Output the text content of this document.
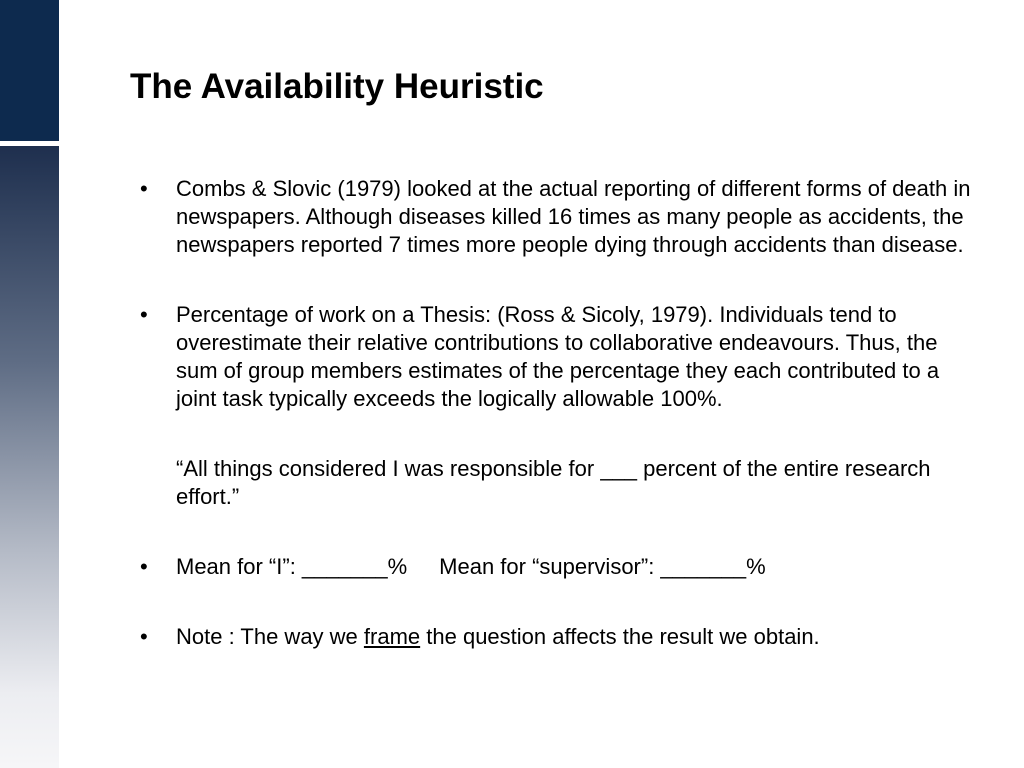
The Availability Heuristic

•	Combs & Slovic (1979) looked at the actual reporting of different forms of death in newspapers. Although diseases killed 16 times as many people as accidents, the newspapers reported 7 times more people dying through accidents than disease.

•	Percentage of work on a Thesis: (Ross & Sicoly, 1979). Individuals tend to overestimate their relative contributions to collaborative endeavours. Thus, the sum of group members estimates of the percentage they each contributed to a joint task typically exceeds the logically allowable 100%.

“All things considered I was responsible for ___ percent of the entire research effort.”

•	Mean for “I”: _______% Mean for “supervisor”: _______%

•	Note : The way we frame the question affects the result we obtain.
